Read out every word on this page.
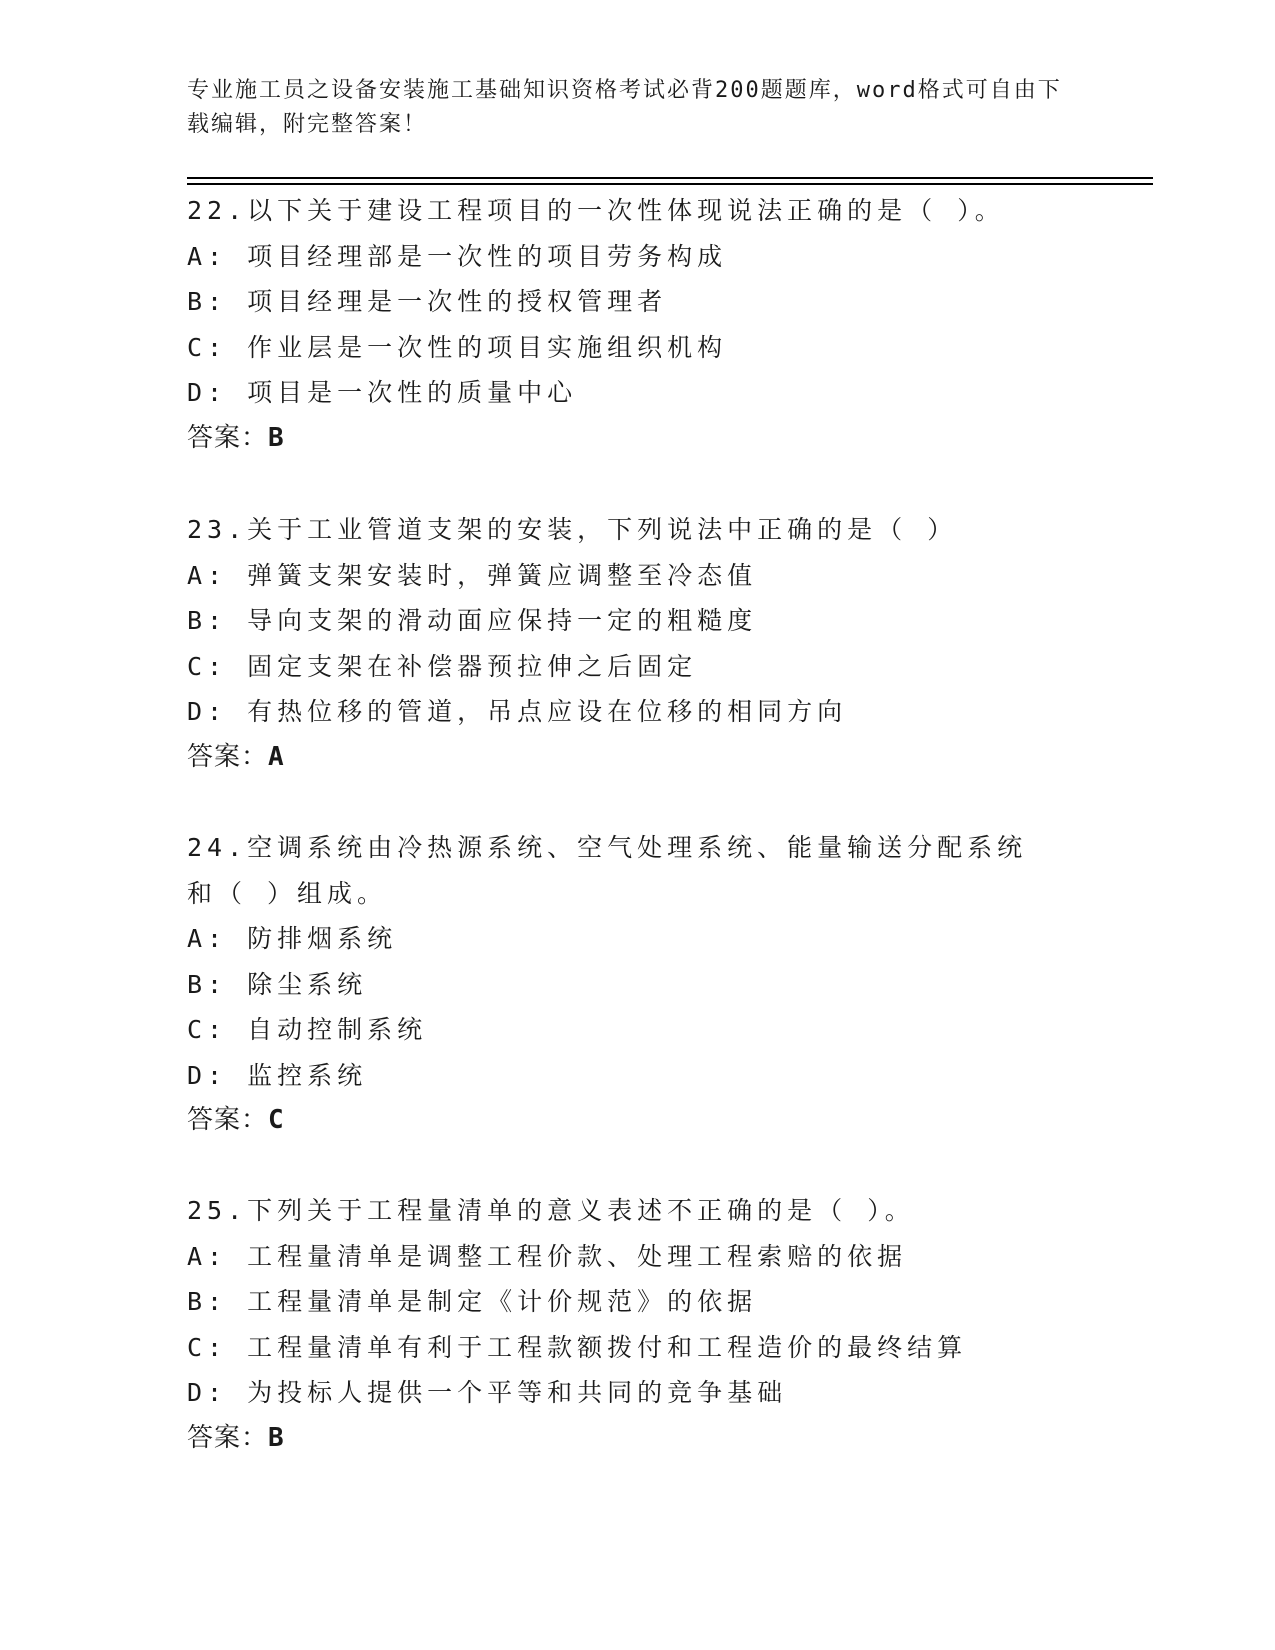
专业施工员之设备安装施工基础知识资格考试必背200题题库，word格式可自由下载编辑，附完整答案！
22.以下关于建设工程项目的一次性体现说法正确的是（ ）。
A: 项目经理部是一次性的项目劳务构成
B: 项目经理是一次性的授权管理者
C: 作业层是一次性的项目实施组织机构
D: 项目是一次性的质量中心
答案：B
23.关于工业管道支架的安装，下列说法中正确的是（ ）
A: 弹簧支架安装时，弹簧应调整至冷态值
B: 导向支架的滑动面应保持一定的粗糙度
C: 固定支架在补偿器预拉伸之后固定
D: 有热位移的管道，吊点应设在位移的相同方向
答案：A
24.空调系统由冷热源系统、空气处理系统、能量输送分配系统和（ ）组成。
A: 防排烟系统
B: 除尘系统
C: 自动控制系统
D: 监控系统
答案：C
25.下列关于工程量清单的意义表述不正确的是（ ）。
A: 工程量清单是调整工程价款、处理工程索赔的依据
B: 工程量清单是制定《计价规范》的依据
C: 工程量清单有利于工程款额拨付和工程造价的最终结算
D: 为投标人提供一个平等和共同的竞争基础
答案：B
